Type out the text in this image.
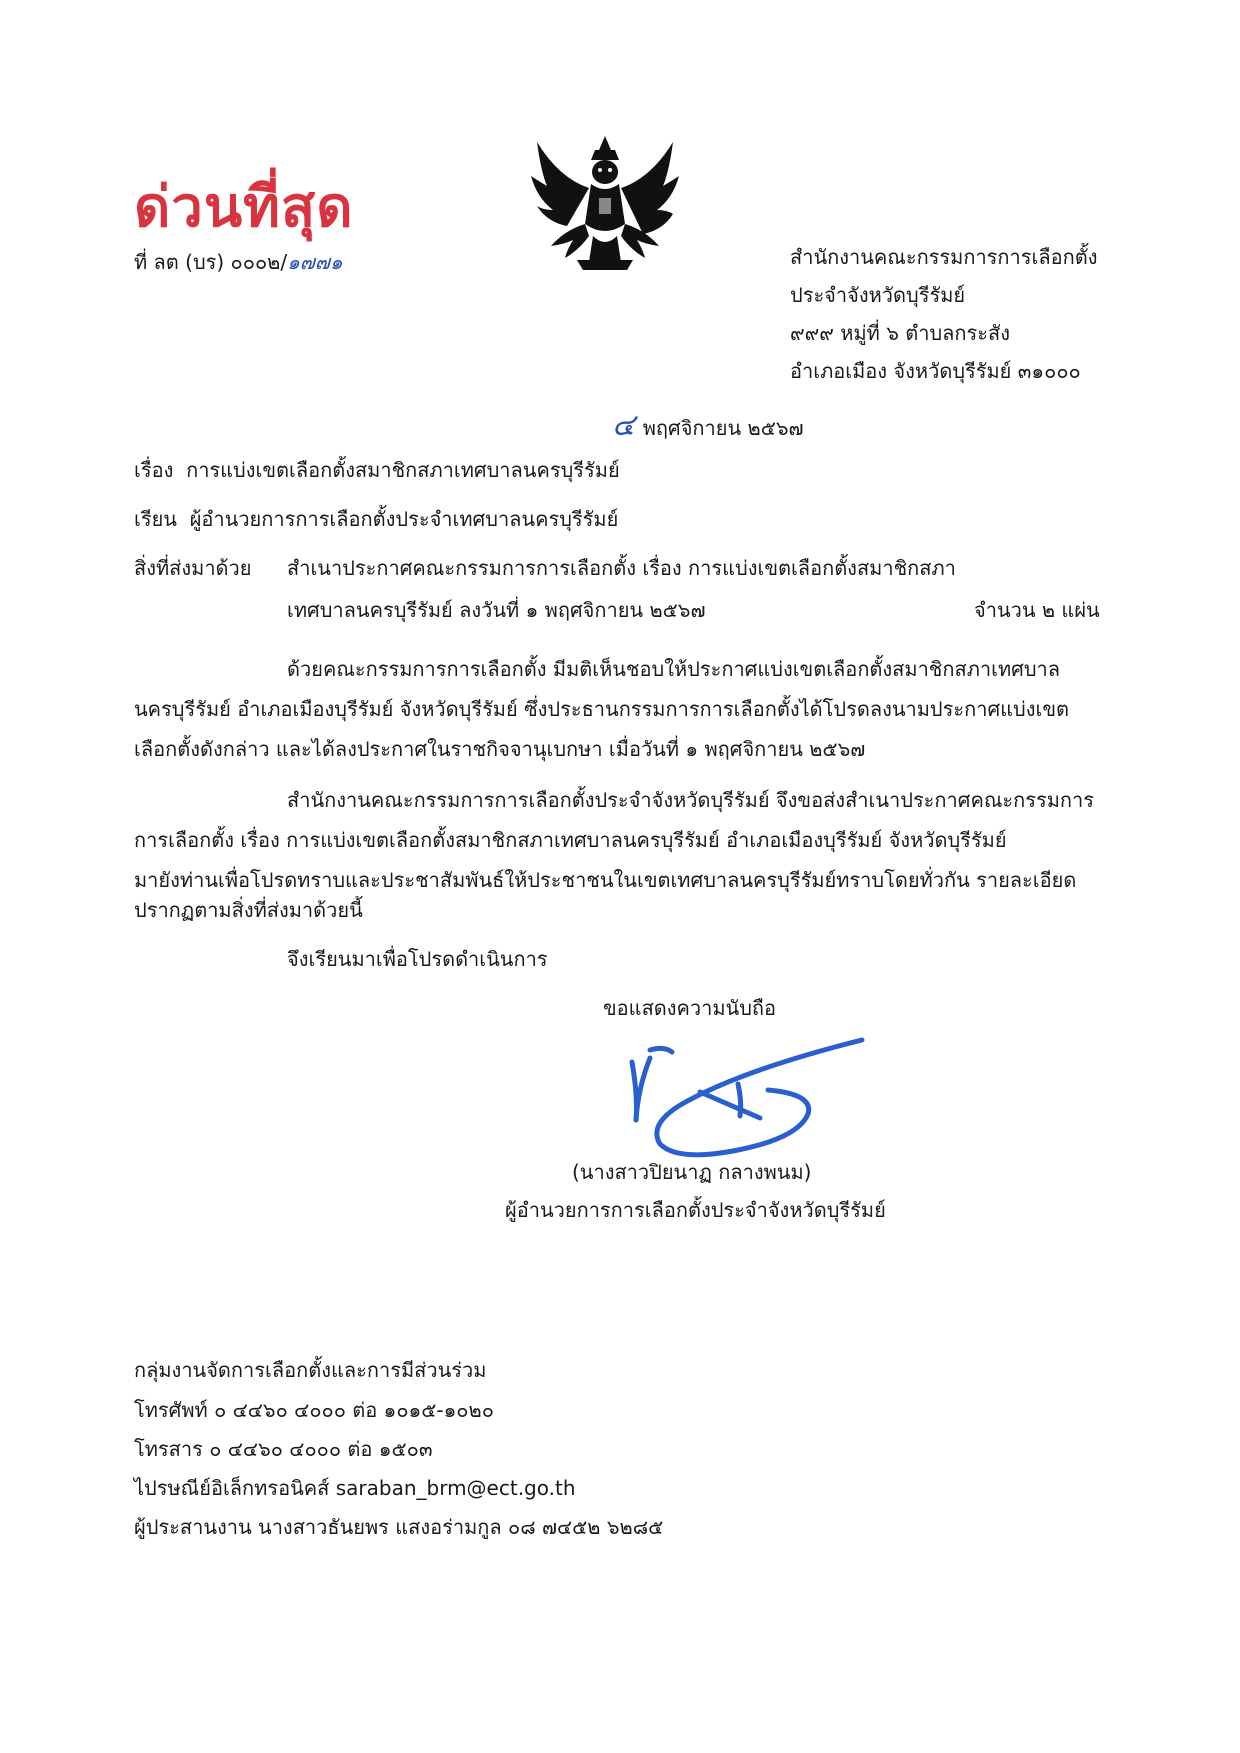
ด่วนที่สุด
ที่ ลต (บร) ๐๐๐๒/๑๗๗๑	สำนักงานคณะกรรมการการเลือกตั้ง
ประจำจังหวัดบุรีรัมย์
๙๙๙ หมู่ที่ ๖ ตำบลกระสัง
อำเภอเมือง จังหวัดบุรีรัมย์ ๓๑๐๐๐
๔ พฤศจิกายน ๒๕๖๗
เรื่อง การแบ่งเขตเลือกตั้งสมาชิกสภาเทศบาลนครบุรีรัมย์
เรียน ผู้อำนวยการการเลือกตั้งประจำเทศบาลนครบุรีรัมย์
สิ่งที่ส่งมาด้วย สำเนาประกาศคณะกรรมการการเลือกตั้ง เรื่อง การแบ่งเขตเลือกตั้งสมาชิกสภา
เทศบาลนครบุรีรัมย์ ลงวันที่ ๑ พฤศจิกายน ๒๕๖๗	จำนวน ๒ แผ่น
ด้วยคณะกรรมการการเลือกตั้ง มีมติเห็นชอบให้ประกาศแบ่งเขตเลือกตั้งสมาชิกสภาเทศบาล
นครบุรีรัมย์ อำเภอเมืองบุรีรัมย์ จังหวัดบุรีรัมย์ ซึ่งประธานกรรมการการเลือกตั้งได้โปรดลงนามประกาศแบ่งเขต
เลือกตั้งดังกล่าว และได้ลงประกาศในราชกิจจานุเบกษา เมื่อวันที่ ๑ พฤศจิกายน ๒๕๖๗
สำนักงานคณะกรรมการการเลือกตั้งประจำจังหวัดบุรีรัมย์ จึงขอส่งสำเนาประกาศคณะกรรมการ
การเลือกตั้ง เรื่อง การแบ่งเขตเลือกตั้งสมาชิกสภาเทศบาลนครบุรีรัมย์ อำเภอเมืองบุรีรัมย์ จังหวัดบุรีรัมย์
มายังท่านเพื่อโปรดทราบและประชาสัมพันธ์ให้ประชาชนในเขตเทศบาลนครบุรีรัมย์ทราบโดยทั่วกัน รายละเอียด
ปรากฏตามสิ่งที่ส่งมาด้วยนี้
จึงเรียนมาเพื่อโปรดดำเนินการ
ขอแสดงความนับถือ
(นางสาวปิยนาฏ กลางพนม)
ผู้อำนวยการการเลือกตั้งประจำจังหวัดบุรีรัมย์
กลุ่มงานจัดการเลือกตั้งและการมีส่วนร่วม
โทรศัพท์ ๐ ๔๔๖๐ ๔๐๐๐ ต่อ ๑๐๑๕-๑๐๒๐
โทรสาร ๐ ๔๔๖๐ ๔๐๐๐ ต่อ ๑๕๐๓
ไปรษณีย์อิเล็กทรอนิคส์ saraban_brm@ect.go.th
ผู้ประสานงาน นางสาวธันยพร แสงอร่ามกูล ๐๘ ๗๔๕๒ ๖๒๘๕
